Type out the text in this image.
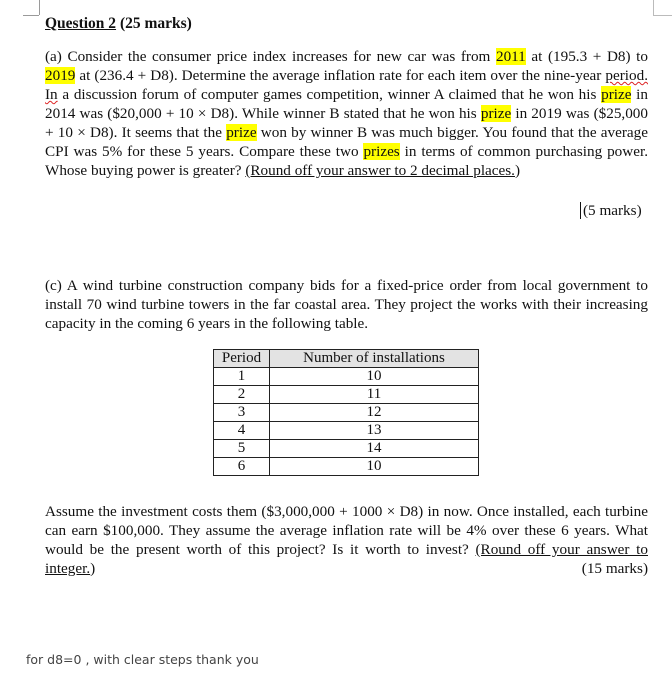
Question 2 (25 marks)
(a) Consider the consumer price index increases for new car was from 2011 at (195.3 + D8) to 2019 at (236.4 + D8). Determine the average inflation rate for each item over the nine-year period. In a discussion forum of computer games competition, winner A claimed that he won his prize in 2014 was ($20,000 + 10 × D8). While winner B stated that he won his prize in 2019 was ($25,000 + 10 × D8). It seems that the prize won by winner B was much bigger. You found that the average CPI was 5% for these 5 years. Compare these two prizes in terms of common purchasing power. Whose buying power is greater? (Round off your answer to 2 decimal places.)
(5 marks)
(c) A wind turbine construction company bids for a fixed-price order from local government to install 70 wind turbine towers in the far coastal area. They project the works with their increasing capacity in the coming 6 years in the following table.
Period	Number of installations
1	10
2	11
3	12
4	13
5	14
6	10
Assume the investment costs them ($3,000,000 + 1000 × D8) in now. Once installed, each turbine can earn $100,000. They assume the average inflation rate will be 4% over these 6 years. What would be the present worth of this project? Is it worth to invest? (Round off your answer to integer.)	(15 marks)
for d8=0 , with clear steps thank you
